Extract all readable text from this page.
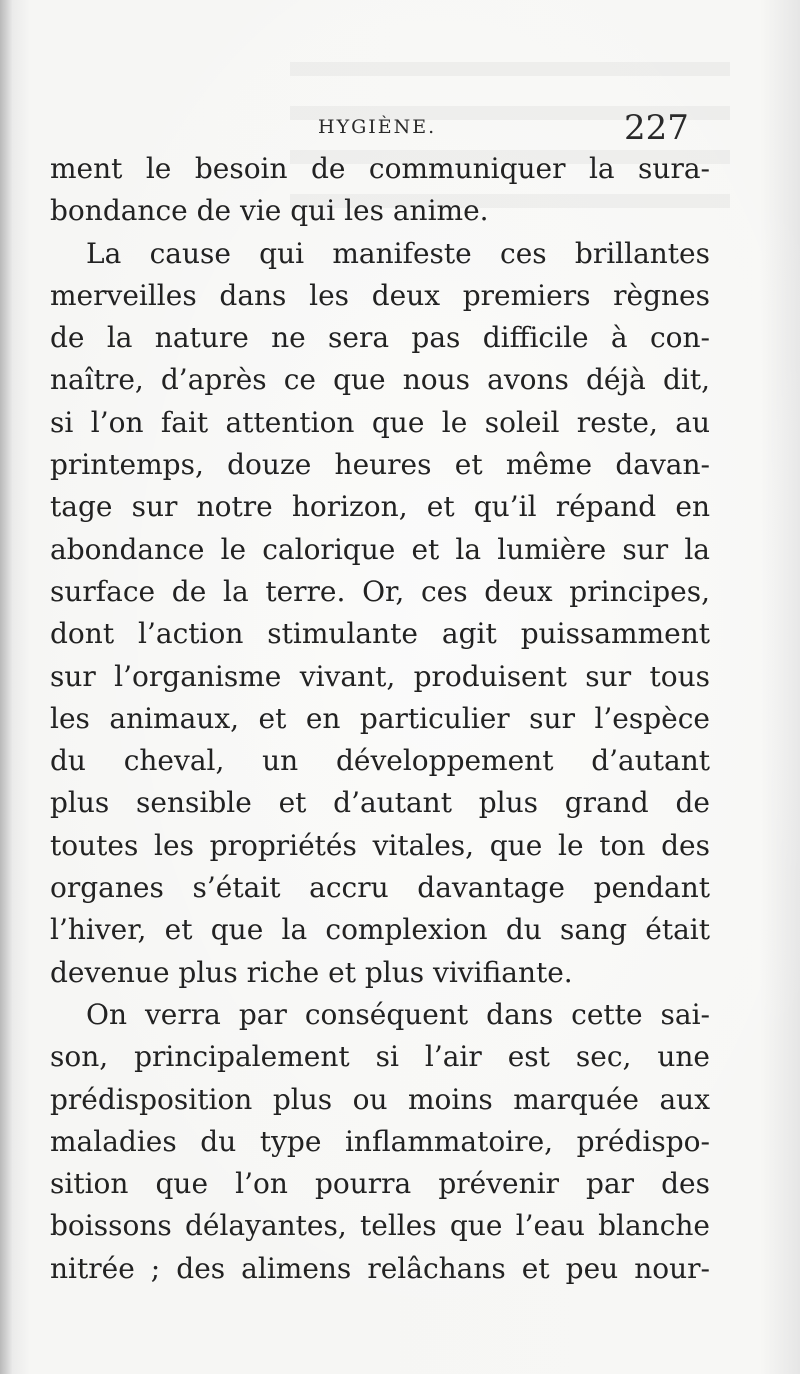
HYGIÈNE.	227
ment le besoin de communiquer la sura-
bondance de vie qui les anime.
La cause qui manifeste ces brillantes
merveilles dans les deux premiers règnes
de la nature ne sera pas difficile à con-
naître, d’après ce que nous avons déjà dit,
si l’on fait attention que le soleil reste, au
printemps, douze heures et même davan-
tage sur notre horizon, et qu’il répand en
abondance le calorique et la lumière sur la
surface de la terre. Or, ces deux principes,
dont l’action stimulante agit puissamment
sur l’organisme vivant, produisent sur tous
les animaux, et en particulier sur l’espèce
du cheval, un développement d’autant
plus sensible et d’autant plus grand de
toutes les propriétés vitales, que le ton des
organes s’était accru davantage pendant
l’hiver, et que la complexion du sang était
devenue plus riche et plus vivifiante.
On verra par conséquent dans cette sai-
son, principalement si l’air est sec, une
prédisposition plus ou moins marquée aux
maladies du type inflammatoire, prédispo-
sition que l’on pourra prévenir par des
boissons délayantes, telles que l’eau blanche
nitrée ; des alimens relâchans et peu nour-
